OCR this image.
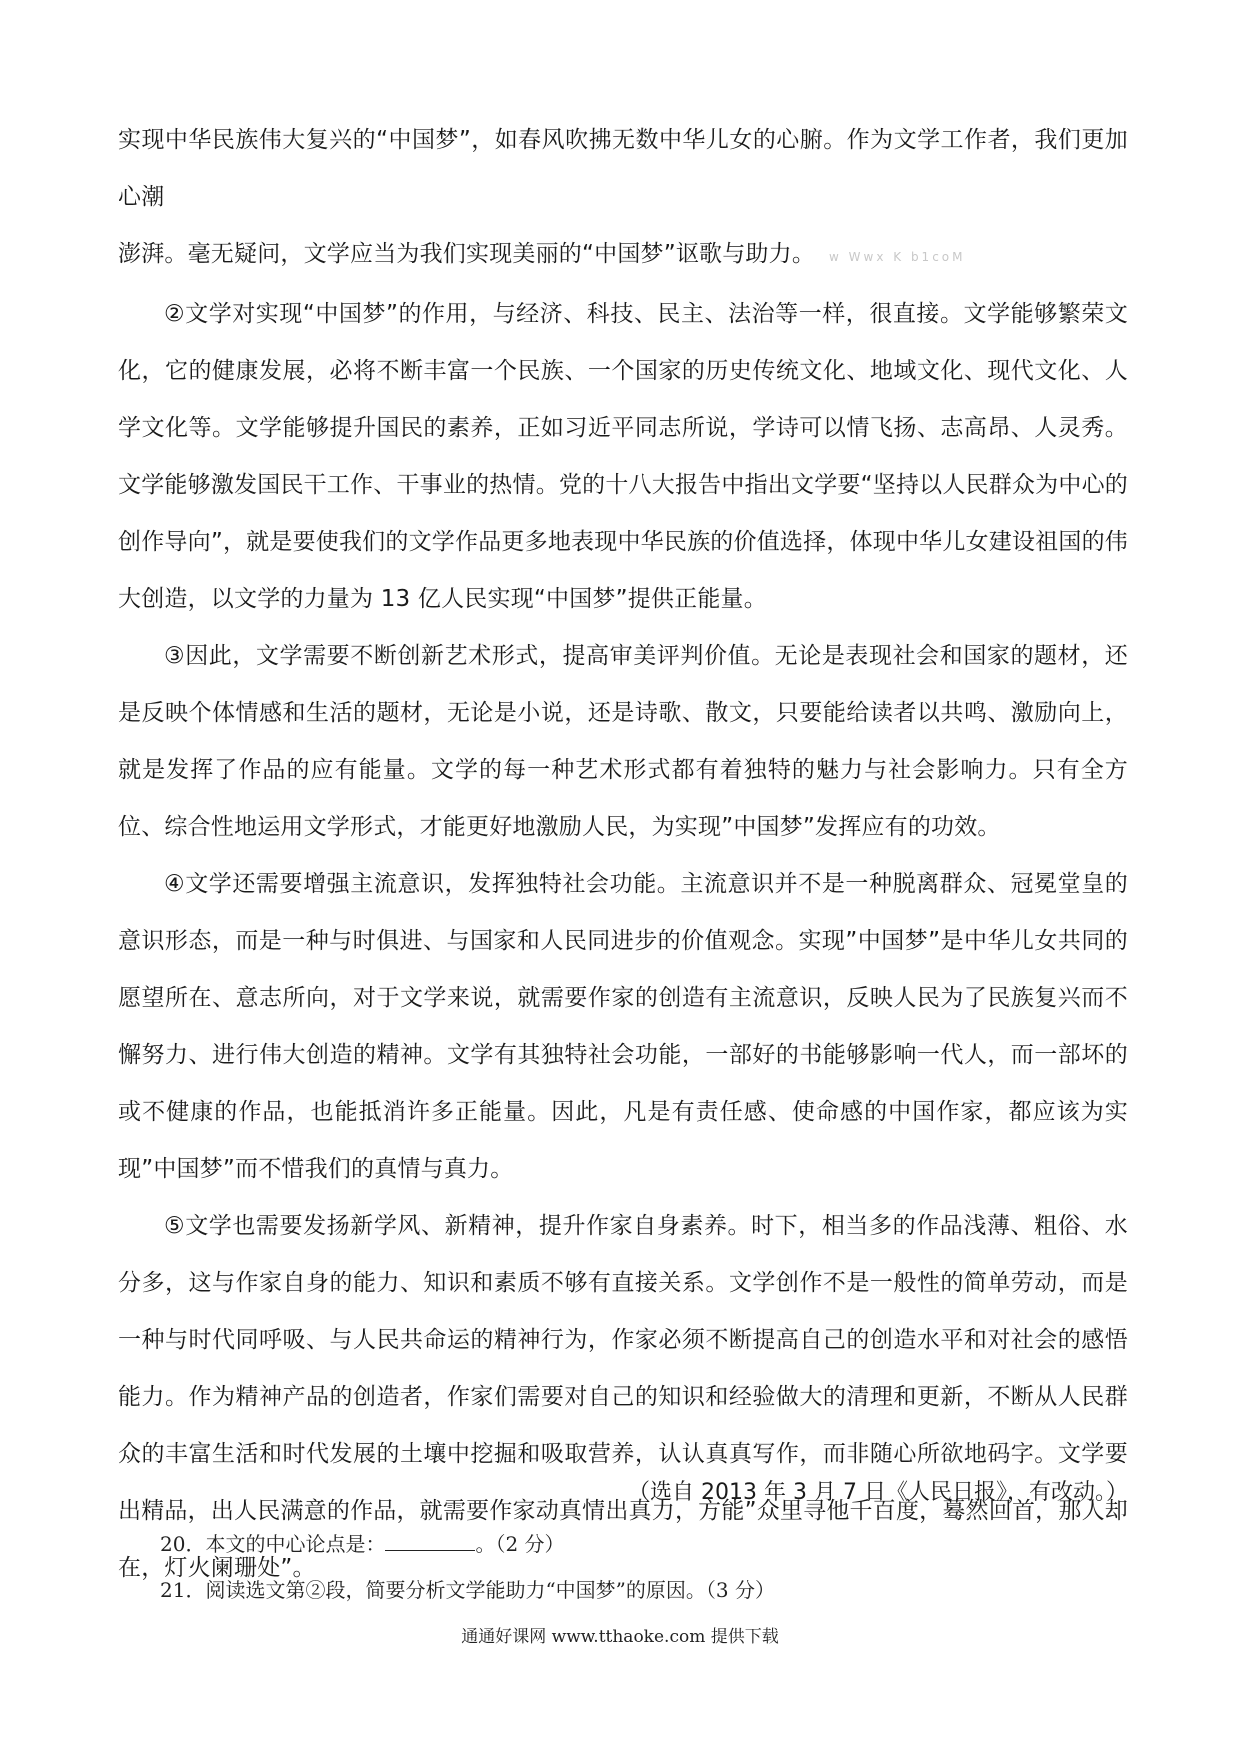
实现中华民族伟大复兴的“中国梦”，如春风吹拂无数中华儿女的心腑。作为文学工作者，我们更加心潮
澎湃。毫无疑问，文学应当为我们实现美丽的“中国梦”讴歌与助力。 w Wwx K b1coM

②文学对实现“中国梦”的作用，与经济、科技、民主、法治等一样，很直接。文学能够繁荣文化，它的健康发展，必将不断丰富一个民族、一个国家的历史传统文化、地域文化、现代文化、人学文化等。文学能够提升国民的素养，正如习近平同志所说，学诗可以情飞扬、志高昂、人灵秀。文学能够激发国民干工作、干事业的热情。党的十八大报告中指出文学要“坚持以人民群众为中心的创作导向”，就是要使我们的文学作品更多地表现中华民族的价值选择，体现中华儿女建设祖国的伟大创造，以文学的力量为 13 亿人民实现“中国梦”提供正能量。

③因此，文学需要不断创新艺术形式，提高审美评判价值。无论是表现社会和国家的题材，还是反映个体情感和生活的题材，无论是小说，还是诗歌、散文，只要能给读者以共鸣、激励向上，就是发挥了作品的应有能量。文学的每一种艺术形式都有着独特的魅力与社会影响力。只有全方位、综合性地运用文学形式，才能更好地激励人民，为实现”中国梦”发挥应有的功效。

④文学还需要增强主流意识，发挥独特社会功能。主流意识并不是一种脱离群众、冠冕堂皇的意识形态，而是一种与时俱进、与国家和人民同进步的价值观念。实现”中国梦”是中华儿女共同的愿望所在、意志所向，对于文学来说，就需要作家的创造有主流意识，反映人民为了民族复兴而不懈努力、进行伟大创造的精神。文学有其独特社会功能，一部好的书能够影响一代人，而一部坏的或不健康的作品，也能抵消许多正能量。因此，凡是有责任感、使命感的中国作家，都应该为实现”中国梦”而不惜我们的真情与真力。

⑤文学也需要发扬新学风、新精神，提升作家自身素养。时下，相当多的作品浅薄、粗俗、水分多，这与作家自身的能力、知识和素质不够有直接关系。文学创作不是一般性的简单劳动，而是一种与时代同呼吸、与人民共命运的精神行为，作家必须不断提高自己的创造水平和对社会的感悟能力。作为精神产品的创造者，作家们需要对自己的知识和经验做大的清理和更新，不断从人民群众的丰富生活和时代发展的土壤中挖掘和吸取营养，认认真真写作，而非随心所欲地码字。文学要出精品，出人民满意的作品，就需要作家动真情出真力，方能”众里寻他千百度，蓦然回首，那人却在，灯火阑珊处”。

（选自 2013 年 3 月 7 日《人民日报》，有改动。）
20．本文的中心论点是：	。（2 分）
21．阅读选文第②段，简要分析文学能助力“中国梦”的原因。（3 分）
通通好课网 www.tthaoke.com 提供下载
